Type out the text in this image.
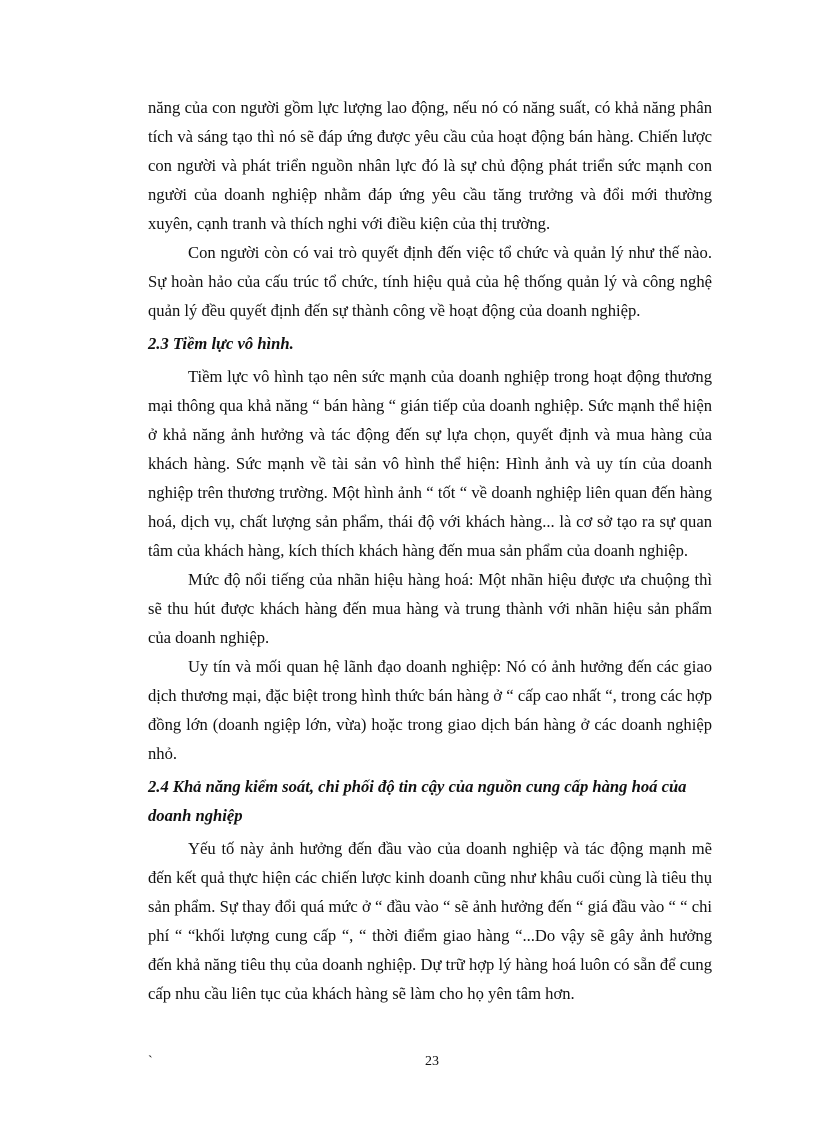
năng của con người gồm lực lượng lao động, nếu nó có năng suất, có khả năng phân tích và sáng tạo thì nó sẽ đáp ứng được yêu cầu của hoạt động bán hàng. Chiến lược con người và phát triển nguồn nhân lực đó là sự chủ động phát triển sức mạnh con người của doanh nghiệp nhằm đáp ứng yêu cầu tăng trưởng và đổi mới thường xuyên, cạnh tranh và thích nghi với điều kiện của thị trường.

Con người còn có vai trò quyết định đến việc tổ chức và quản lý như thế nào. Sự hoàn hảo của cấu trúc tổ chức, tính hiệu quả của hệ thống quản lý và công nghệ quản lý đều quyết định đến sự thành công về hoạt động của doanh nghiệp.

2.3 Tiềm lực vô hình.

Tiềm lực vô hình tạo nên sức mạnh của doanh nghiệp trong hoạt động thương mại thông qua khả năng “ bán hàng “ gián tiếp của doanh nghiệp. Sức mạnh thể hiện ở khả năng ảnh hưởng và tác động đến sự lựa chọn, quyết định và mua hàng của khách hàng. Sức mạnh về tài sản vô hình thể hiện: Hình ảnh và uy tín của doanh nghiệp trên thương trường. Một hình ảnh “ tốt “ về doanh nghiệp liên quan đến hàng hoá, dịch vụ, chất lượng sản phẩm, thái độ với khách hàng... là cơ sở tạo ra sự quan tâm của khách hàng, kích thích khách hàng đến mua sản phẩm của doanh nghiệp.

Mức độ nổi tiếng của nhãn hiệu hàng hoá: Một nhãn hiệu được ưa chuộng thì sẽ thu hút được khách hàng đến mua hàng và trung thành với nhãn hiệu sản phẩm của doanh nghiệp.

Uy tín và mối quan hệ lãnh đạo doanh nghiệp: Nó có ảnh hưởng đến các giao dịch thương mại, đặc biệt trong hình thức bán hàng ở “ cấp cao nhất “, trong các hợp đồng lớn (doanh ngiệp lớn, vừa) hoặc trong giao dịch bán hàng ở các doanh nghiệp nhỏ.

2.4 Khả năng kiểm soát, chi phối độ tin cậy của nguồn cung cấp hàng hoá của doanh nghiệp

Yếu tố này ảnh hưởng đến đầu vào của doanh nghiệp và tác động mạnh mẽ đến kết quả thực hiện các chiến lược kinh doanh cũng như khâu cuối cùng là tiêu thụ sản phẩm. Sự thay đổi quá mức ở “ đầu vào “ sẽ ảnh hưởng đến “ giá đầu vào “ “ chi phí “ “khối lượng cung cấp “, “ thời điểm giao hàng “...Do vậy sẽ gây ảnh hưởng đến khả năng tiêu thụ của doanh nghiệp. Dự trữ hợp lý hàng hoá luôn có sẵn để cung cấp nhu cầu liên tục của khách hàng sẽ làm cho họ yên tâm hơn.

`	23
